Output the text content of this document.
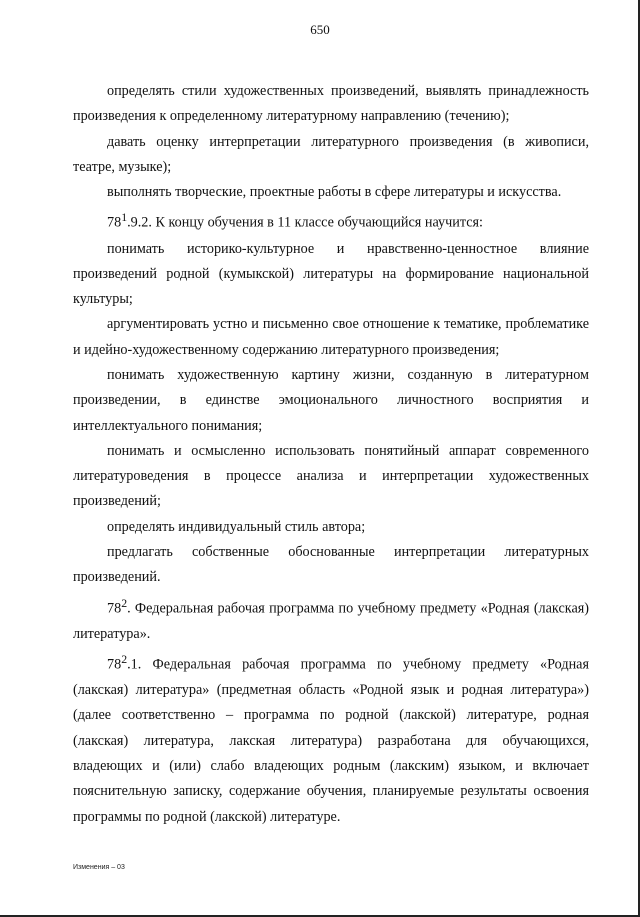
650

определять стили художественных произведений, выявлять принадлежность произведения к определенному литературному направлению (течению);

давать оценку интерпретации литературного произведения (в живописи, театре, музыке);

выполнять творческие, проектные работы в сфере литературы и искусства.

$78^1.9.2$. К концу обучения в 11 классе обучающийся научится:

понимать историко-культурное и нравственно-ценностное влияние произведений родной (кумыкской) литературы на формирование национальной культуры;

аргументировать устно и письменно свое отношение к тематике, проблематике и идейно-художественному содержанию литературного произведения;

понимать художественную картину жизни, созданную в литературном произведении, в единстве эмоционального личностного восприятия и интеллектуального понимания;

понимать и осмысленно использовать понятийный аппарат современного литературоведения в процессе анализа и интерпретации художественных произведений;

определять индивидуальный стиль автора;

предлагать собственные обоснованные интерпретации литературных произведений.

$78^2$. Федеральная рабочая программа по учебному предмету «Родная (лакская) литература».

$78^2.1$. Федеральная рабочая программа по учебному предмету «Родная (лакская) литература» (предметная область «Родной язык и родная литература») (далее соответственно – программа по родной (лакской) литературе, родная (лакская) литература, лакская литература) разработана для обучающихся, владеющих и (или) слабо владеющих родным (лакским) языком, и включает пояснительную записку, содержание обучения, планируемые результаты освоения программы по родной (лакской) литературе.

Изменения – 03
